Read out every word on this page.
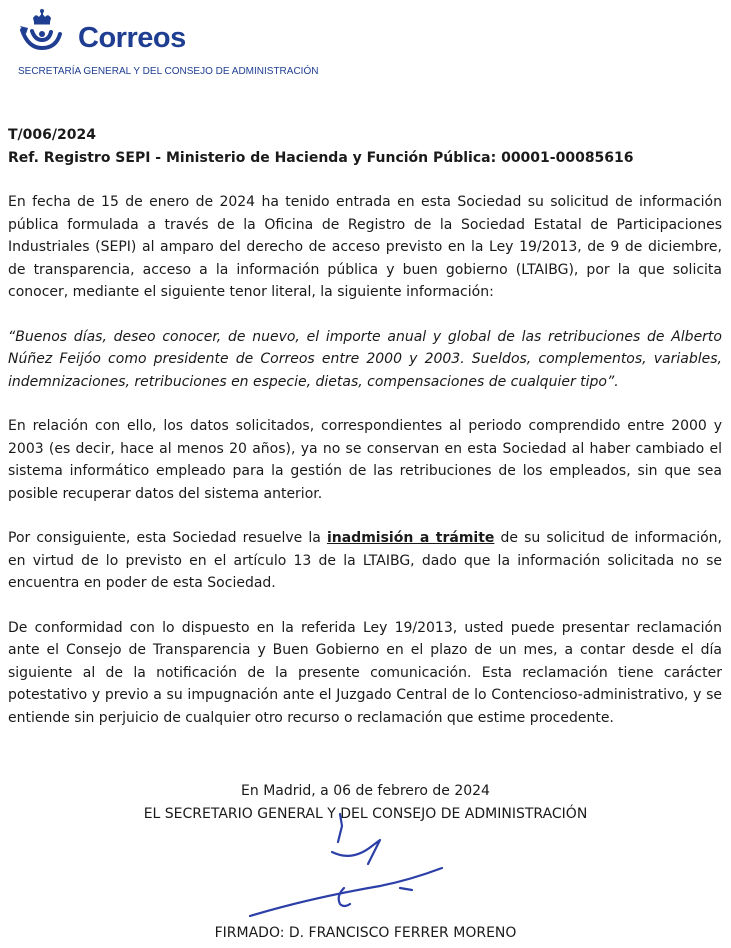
Correos
SECRETARÍA GENERAL Y DEL CONSEJO DE ADMINISTRACIÓN

T/006/2024

Ref. Registro SEPI - Ministerio de Hacienda y Función Pública: 00001-00085616

En fecha de 15 de enero de 2024 ha tenido entrada en esta Sociedad su solicitud de información pública formulada a través de la Oficina de Registro de la Sociedad Estatal de Participaciones Industriales (SEPI) al amparo del derecho de acceso previsto en la Ley 19/2013, de 9 de diciembre, de transparencia, acceso a la información pública y buen gobierno (LTAIBG), por la que solicita conocer, mediante el siguiente tenor literal, la siguiente información:

“Buenos días, deseo conocer, de nuevo, el importe anual y global de las retribuciones de Alberto Núñez Feijóo como presidente de Correos entre 2000 y 2003. Sueldos, complementos, variables, indemnizaciones, retribuciones en especie, dietas, compensaciones de cualquier tipo”.

En relación con ello, los datos solicitados, correspondientes al periodo comprendido entre 2000 y 2003 (es decir, hace al menos 20 años), ya no se conservan en esta Sociedad al haber cambiado el sistema informático empleado para la gestión de las retribuciones de los empleados, sin que sea posible recuperar datos del sistema anterior.

Por consiguiente, esta Sociedad resuelve la inadmisión a trámite de su solicitud de información, en virtud de lo previsto en el artículo 13 de la LTAIBG, dado que la información solicitada no se encuentra en poder de esta Sociedad.

De conformidad con lo dispuesto en la referida Ley 19/2013, usted puede presentar reclamación ante el Consejo de Transparencia y Buen Gobierno en el plazo de un mes, a contar desde el día siguiente al de la notificación de la presente comunicación. Esta reclamación tiene carácter potestativo y previo a su impugnación ante el Juzgado Central de lo Contencioso-administrativo, y se entiende sin perjuicio de cualquier otro recurso o reclamación que estime procedente.

En Madrid, a 06 de febrero de 2024
EL SECRETARIO GENERAL Y DEL CONSEJO DE ADMINISTRACIÓN
FIRMADO: D. FRANCISCO FERRER MORENO
